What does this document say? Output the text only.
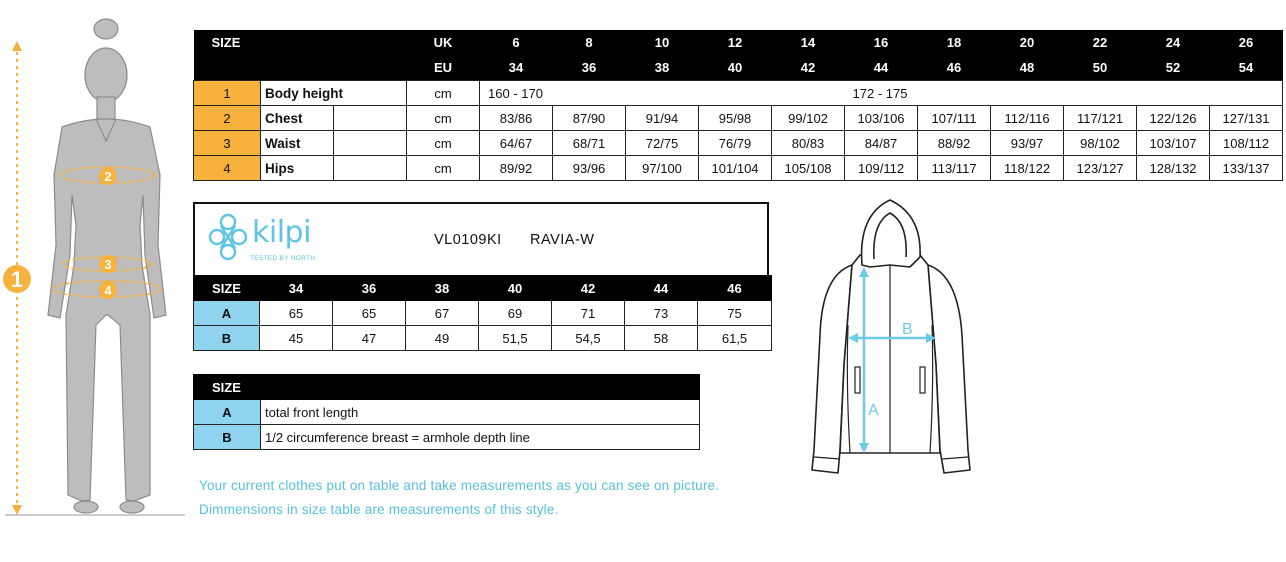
1
2
3
4
SIZE			UK	6	8	10	12	14	16	18	20	22	24	26
			EU	34	36	38	40	42	44	46	48	50	52	54
1	Body height		cm	160 - 170					172 - 175					
2	Chest		cm	83/86	87/90	91/94	95/98	99/102	103/106	107/111	112/116	117/121	122/126	127/131
3	Waist		cm	64/67	68/71	72/75	76/79	80/83	84/87	88/92	93/97	98/102	103/107	108/112
4	Hips		cm	89/92	93/96	97/100	101/104	105/108	109/112	113/117	118/122	123/127	128/132	133/137
kilpi
TESTED BY NORTH
VL0109KI RAVIA-W
SIZE	34	36	38	40	42	44	46
A	65	65	67	69	71	73	75
B	45	47	49	51,5	54,5	58	61,5
SIZE	
A	total front length
B	1/2 circumference breast = armhole depth line
Your current clothes put on table and take measurements as you can see on picture.
Dimmensions in size table are measurements of this style.
A
B
